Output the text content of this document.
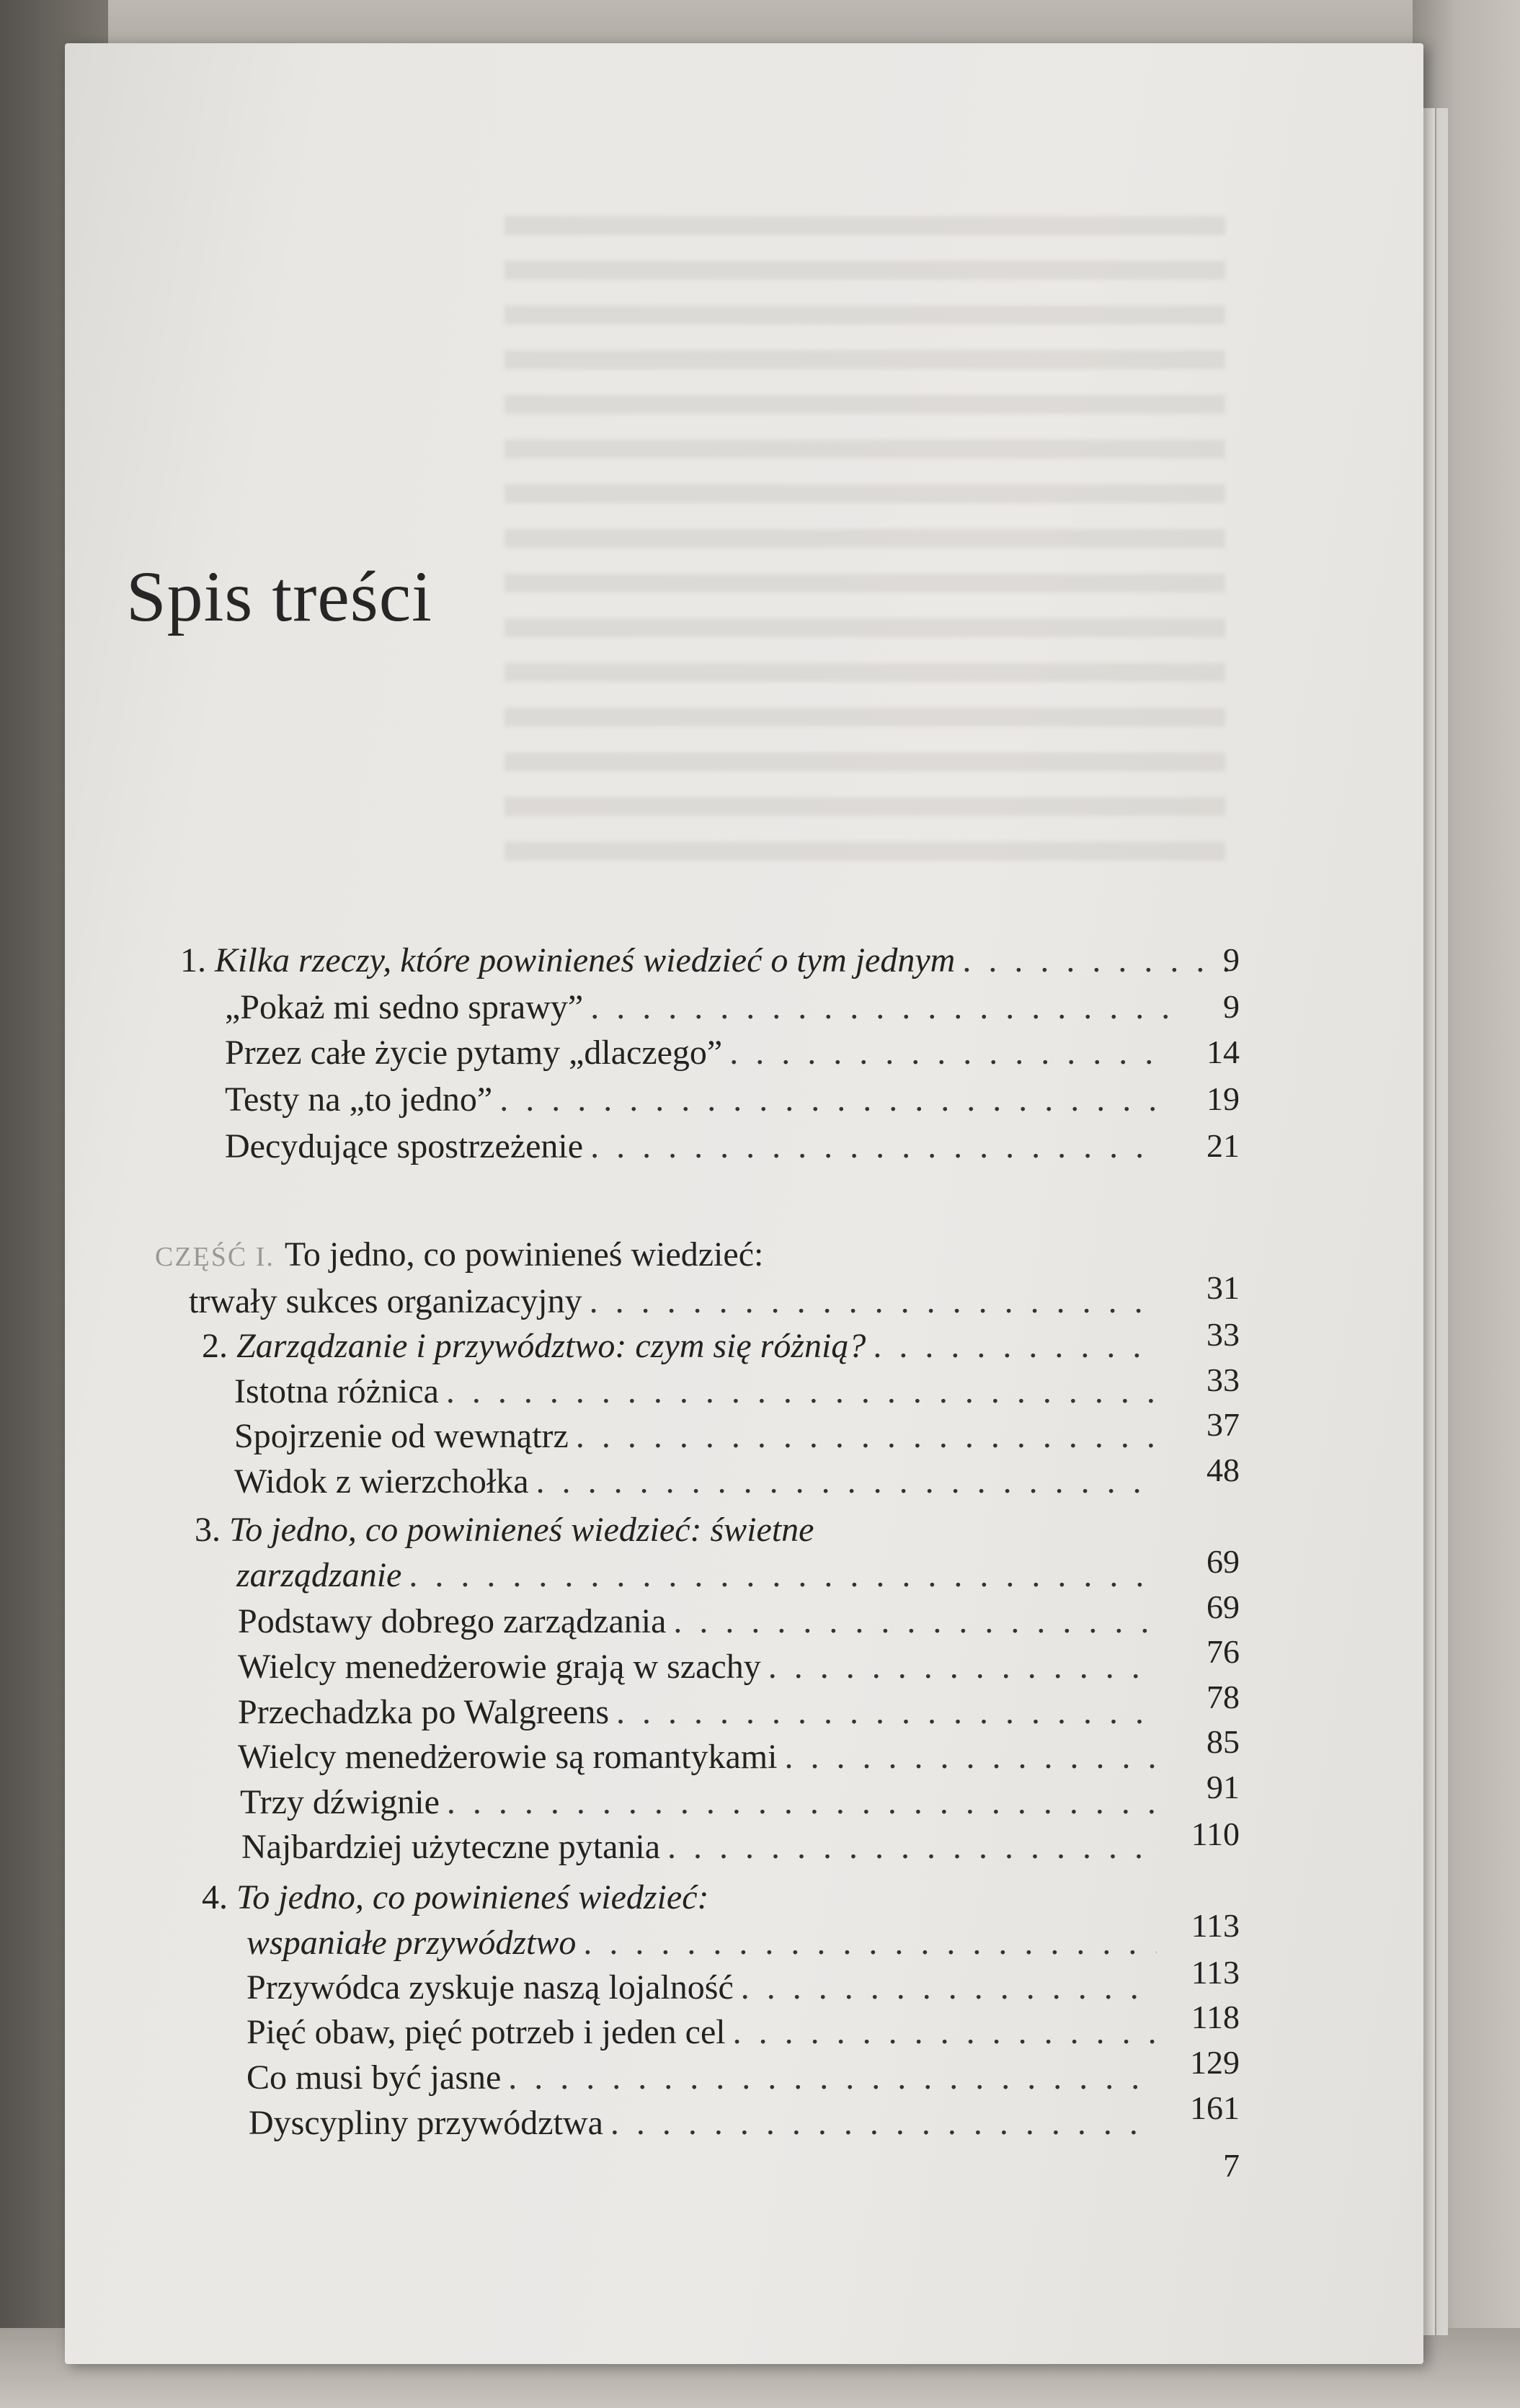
Spis treści
1. Kilka rzeczy, które powinieneś wiedzieć o tym jednym . . .	9
„Pokaż mi sedno sprawy” . . .	9
Przez całe życie pytamy „dlaczego” . . .	14
Testy na „to jedno” . . .	19
Decydujące spostrzeżenie . . .	21
CZĘŚĆ I. To jedno, co powinieneś wiedzieć:
trwały sukces organizacyjny . . .	31
2. Zarządzanie i przywództwo: czym się różnią? . . .	33
Istotna różnica . . .	33
Spojrzenie od wewnątrz . . .	37
Widok z wierzchołka . . .	48
3. To jedno, co powinieneś wiedzieć: świetne
zarządzanie . . .	69
Podstawy dobrego zarządzania . . .	69
Wielcy menedżerowie grają w szachy . . .	76
Przechadzka po Walgreens . . .	78
Wielcy menedżerowie są romantykami . . .	85
Trzy dźwignie . . .	91
Najbardziej użyteczne pytania . . .	110
4. To jedno, co powinieneś wiedzieć:
wspaniałe przywództwo . . .	113
Przywódca zyskuje naszą lojalność . . .	113
Pięć obaw, pięć potrzeb i jeden cel . . .	118
Co musi być jasne . . .	129
Dyscypliny przywództwa . . .	161
7
